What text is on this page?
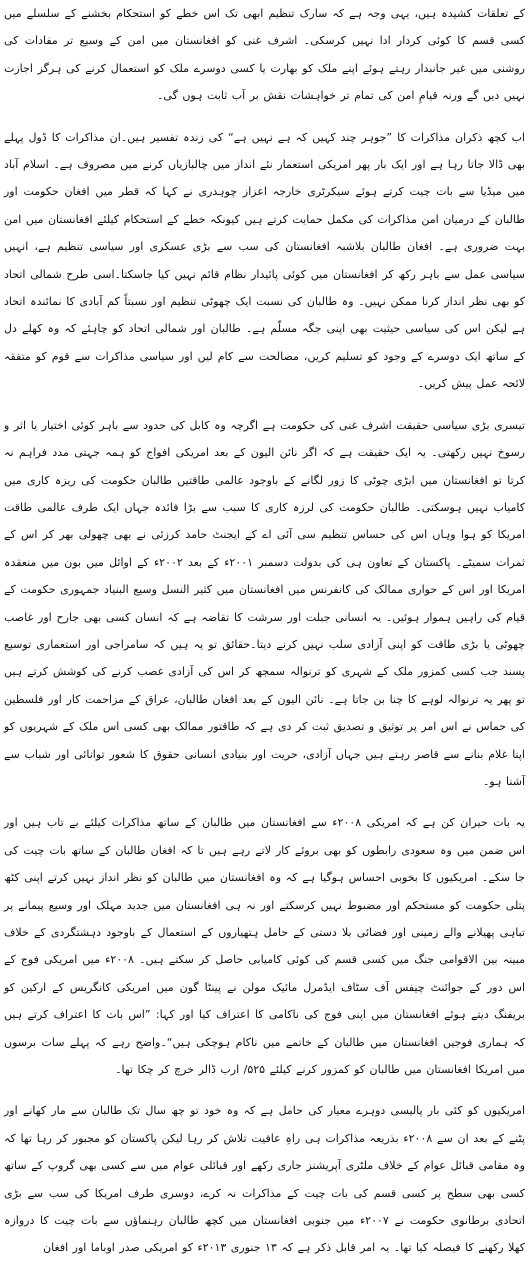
کے تعلقات کشیدہ ہیں، یہی وجہ ہے کہ سارک تنظیم ابھی تک اس خطے کو استحکام بخشنے کے سلسلے میں کسی قسم کا کوئی کردار ادا نہیں کرسکی۔ اشرف غنی کو افغانستان میں امن کے وسیع تر مفادات کی روشنی میں غیر جانبدار رہتے ہوئے اپنے ملک کو بھارت یا کسی دوسرے ملک کو استعمال کرنے کی ہرگز اجازت نہیں دیں گے ورنہ قیامِ امن کی تمام تر خواہشات نقش بر آب ثابت ہوں گی۔

اب کچھ ذکران مذاکرات کا ”جوہر چند کہیں کہ ہے نہیں ہے“ کی زندہ تفسیر ہیں۔ان مذاکرات کا ڈول پہلے بھی ڈالا جاتا رہا ہے اور ایک بار پھر امریکی استعمار نئے انداز میں چالبازیاں کرنے میں مصروف ہے۔ اسلام آباد میں میڈیا سے بات چیت کرتے ہوئے سیکرٹری خارجہ اعزاز چوہدری نے کہا کہ قطر میں افغان حکومت اور طالبان کے درمیان امن مذاکرات کی مکمل حمایت کرتے ہیں کیونکہ خطے کے استحکام کیلئے افغانستان میں امن بہت ضروری ہے۔ افغان طالبان بلاشبہ افغانستان کی سب سے بڑی عسکری اور سیاسی تنظیم ہے، انہیں سیاسی عمل سے باہر رکھ کر افغانستان میں کوئی پائیدار نظام قائم نہیں کیا جاسکتا۔اسی طرح شمالی اتحاد کو بھی نظر انداز کرنا ممکن نہیں۔ وہ طالبان کی نسبت ایک چھوٹی تنظیم اور نسبتاً کم آبادی کا نمائندہ اتحاد ہے لیکن اس کی سیاسی حیثیت بھی اپنی جگہ مسلّم ہے۔ طالبان اور شمالی اتحاد کو چاہئے کہ وہ کھلے دل کے ساتھ ایک دوسرے کے وجود کو تسلیم کریں، مصالحت سے کام لیں اور سیاسی مذاکرات سے قوم کو متفقہ لائحہ عمل پیش کریں۔

تیسری بڑی سیاسی حقیقت اشرف غنی کی حکومت ہے اگرچہ وہ کابل کی حدود سے باہر کوئی اختیار یا اثر و رسوخ نہیں رکھتی۔ یہ ایک حقیقت ہے کہ اگر نائن الیون کے بعد امریکی افواج کو ہمہ جہتی مدد فراہم نہ کرتا تو افغانستان میں ایڑی چوٹی کا زور لگانے کے باوجود عالمی طاقتیں طالبان حکومت کی ریزہ کاری میں کامیاب نہیں ہوسکتی۔ طالبان حکومت کی لرزہ کاری کا سبب سے بڑا فائدہ جہاں ایک طرف عالمی طاقت امریکا کو ہوا وہاں اس کی حساس تنظیم سی آئی اے کے ایجنٹ حامد کرزئی نے بھی چھولی بھر کر اس کے ثمرات سمیٹے۔ پاکستان کے تعاون ہی کی بدولت دسمبر ۲۰۰۱ء کے بعد ۲۰۰۲ء کے اوائل میں بون میں منعقدہ امریکا اور اس کے حواری ممالک کی کانفرنس میں افغانستان میں کثیر النسل وسیع البنیاد جمہوری حکومت کے قیام کی راہیں ہموار ہوئیں۔ یہ انسانی جبلت اور سرشت کا تقاضہ ہے کہ انسان کسی بھی جارح اور غاصب چھوٹی یا بڑی طاقت کو اپنی آزادی سلب نہیں کرنے دیتا۔حقائق تو یہ ہیں کہ سامراجی اور استعماری توسیع پسند جب کسی کمزور ملک کے شہری کو ترنوالہ سمجھ کر اس کی آزادی غصب کرنے کی کوشش کرتے ہیں تو پھر یہ ترنوالہ لوہے کا چنا بن جاتا ہے۔ نائن الیون کے بعد افغان طالبان، عراق کے مزاحمت کار اور فلسطین کی حماس نے اس امر پر توثیق و تصدیق ثبت کر دی ہے کہ طاقتور ممالک بھی کسی اس ملک کے شہریوں کو اپنا غلام بنانے سے قاصر رہتے ہیں جہاں آزادی، حریت اور بنیادی انسانی حقوق کا شعور توانائی اور شباب سے آشنا ہو۔

یہ بات حیران کن ہے کہ امریکی ۲۰۰۸ء سے افغانستان میں طالبان کے ساتھ مذاکرات کیلئے بے تاب ہیں اور اس ضمن میں وہ سعودی رابطوں کو بھی بروئے کار لاتے رہے ہیں تا کہ افغان طالبان کے ساتھ بات چیت کی جا سکے۔ امریکیوں کا بخوبی احساس ہوگیا ہے کہ وہ افغانستان میں طالبان کو نظر انداز نہیں کرتے اپنی کٹھ پتلی حکومت کو مستحکم اور مضبوط نہیں کرسکتے اور نہ ہی افغانستان میں جدید مہلک اور وسیع پیمانے پر تباہی پھیلانے والے زمینی اور فضائی بلا دستی کے حامل ہتھیاروں کے استعمال کے باوجود دہشتگردی کے خلاف مبینہ بین الاقوامی جنگ میں کسی قسم کی کوئی کامیابی حاصل کر سکتے ہیں۔ ۲۰۰۸ء میں امریکی فوج کے اس دور کے جوائنٹ چیفس آف سٹاف ایڈمرل مائیک مولن نے پینٹا گون میں امریکی کانگریس کے ارکین کو بریفنگ دیتے ہوئے افغانستان میں اپنی فوج کی ناکامی کا اعتراف کیا اور کہا: ”اس بات کا اعتراف کرتے ہیں کہ ہماری فوجیں افغانستان میں طالبان کے خاتمے میں ناکام ہوچکی ہیں“۔واضح رہے کہ پہلے سات برسوں میں امریکا افغانستان میں طالبان کو کمزور کرنے کیلئے ۵۲۵/ ارب ڈالر خرچ کر چکا تھا۔

امریکیوں کو کئی بار پالیسی دوہرے معیار کی حامل ہے کہ وہ خود تو چھ سال تک طالبان سے مار کھانے اور پٹنے کے بعد ان سے ۲۰۰۸ء بذریعہ مذاکرات ہی راہِ عافیت تلاش کر رہا لیکن پاکستان کو مجبور کر رہا تھا کہ وہ مقامی قبائل عوام کے خلاف ملٹری آپریشنز جاری رکھے اور قبائلی عوام میں سے کسی بھی گروپ کے ساتھ کسی بھی سطح پر کسی قسم کی بات چیت کے مذاکرات نہ کرے، دوسری طرف امریکا کی سب سے بڑی اتحادی برطانوی حکومت نے ۲۰۰۷ء میں جنوبی افغانستان میں کچھ طالبان رہنماؤں سے بات چیت کا دروازہ کھلا رکھنے کا فیصلہ کیا تھا۔ یہ امر قابل ذکر ہے کہ ۱۳ جنوری ۲۰۱۳ء کو امریکی صدر اوباما اور افغان
